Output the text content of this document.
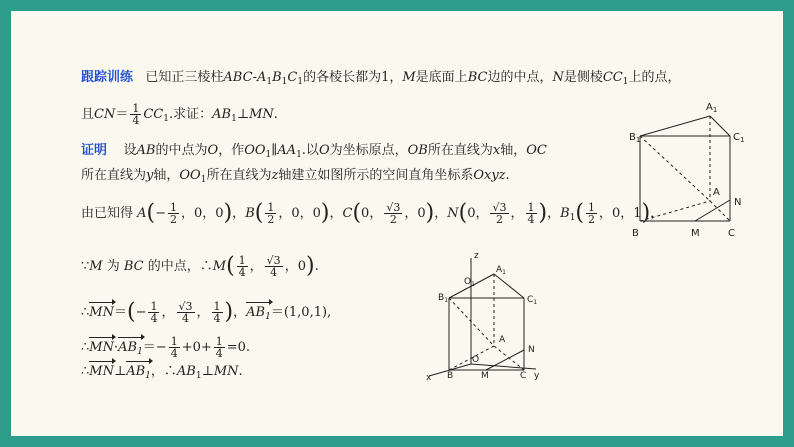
跟踪训练   已知正三棱柱ABC-$A_1B_1C_1$的各棱长都为1，M是底面上BC边的中点，N是侧棱$CC_1$上的点，
且$CN= \frac{1}{4} CC_1$.求证：$AB_1\perp MN$.
证明    设AB的中点为O，作$OO_1\parallel AA_1$.以O为坐标原点，OB所在直线为x轴，OC
所在直线为y轴，$OO_1$所在直线为z轴建立如图所示的空间直角坐标系Oxyz.
由已知得 $A(- \frac{1}{2}$ ，0，0)，$B( \frac{1}{2}$ ，0，0)，C(0， $\frac{√3}{2}$ ，0)，N(0， $\frac{√3}{2}$ ， $\frac{1}{4}$ )，$B_1( \frac{1}{2}$ ，0，1)，
∵M 为 BC 的中点，∴M( $\frac{1}{4}$ ， $\frac{√3}{4}$ ，0).
∴MN＝(− $\frac{1}{4}$ ， $\frac{√3}{4}$ ， $\frac{1}{4}$ )，$AB_1=(1,0,1)$,
$\therefore MN\cdot AB_1=- \frac{1}{4} +0+ \frac{1}{4} =0$.
$\therefore MN\perp AB_1$，$\therefore AB_1\perp MN$.
$A_1$
$B_1$	$C_1$
A
B	M	C
N
z
$O_1$
$A_1$
$B_1$	$C_1$
A
N
O
B	M	C y
x
